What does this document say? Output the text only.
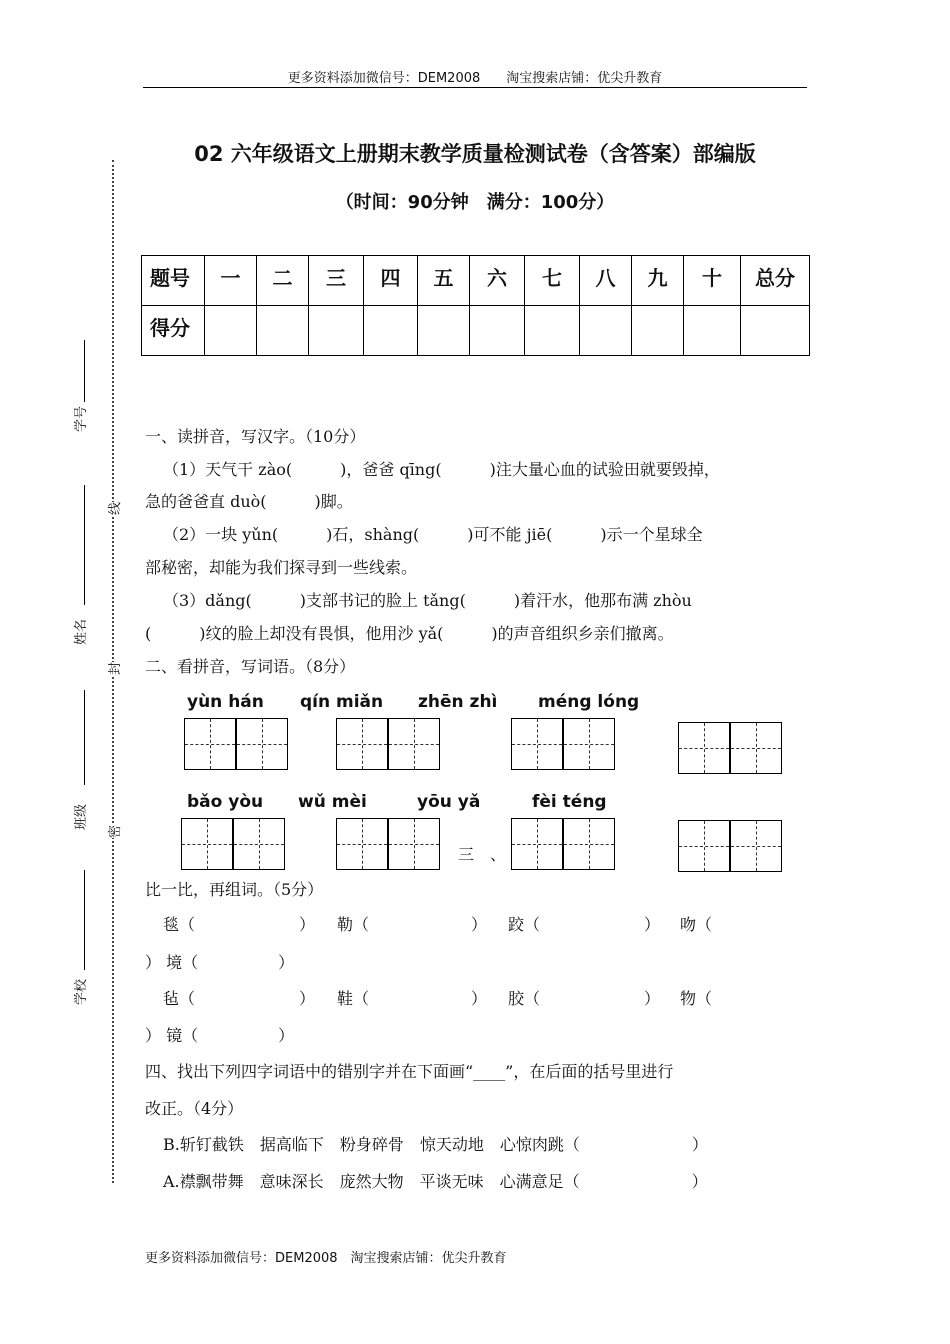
更多资料添加微信号：DEM2008　　淘宝搜索店铺：优尖升教育
02 六年级语文上册期末教学质量检测试卷（含答案）部编版
（时间：90分钟　满分：100分）
题号	一	二	三	四	五	六	七	八	九	十	总分
得分											
学号
姓名
班级
学校
线
封
密
一、读拼音，写汉字。（10分）
（1）天气干 zào(　　　)，爸爸 qīng(　　　)注大量心血的试验田就要毁掉，
急的爸爸直 duò(　　　)脚。
（2）一块 yǔn(　　　)石，shàng(　　　)可不能 jiē(　　　)示一个星球全
部秘密，却能为我们探寻到一些线索。
（3）dǎng(　　　)支部书记的脸上 tǎng(　　　)着汗水，他那布满 zhòu
(　　　)纹的脸上却没有畏惧，他用沙 yǎ(　　　)的声音组织乡亲们撤离。
二、看拼音，写词语。（8分）
yùn hán qín miǎn zhēn zhì méng lóng
bǎo yòu wǔ mèi	yōu yǎ	fèi téng
三　、
比一比，再组词。（5分）
毯（	） 勒（	） 跤（	） 吻（
） 境（　　　　　）
毡（	） 鞋（	） 胶（	） 物（
） 镜（　　　　　）
四、找出下列四字词语中的错别字并在下面画“____”，在后面的括号里进行
改正。（4分）
B.斩钉截铁　据高临下　粉身碎骨　惊天动地　心惊肉跳（　　　　　　　）
A.襟飘带舞　意味深长　庞然大物　平谈无味　心满意足（　　　　　　　）
更多资料添加微信号：DEM2008　淘宝搜索店铺：优尖升教育
